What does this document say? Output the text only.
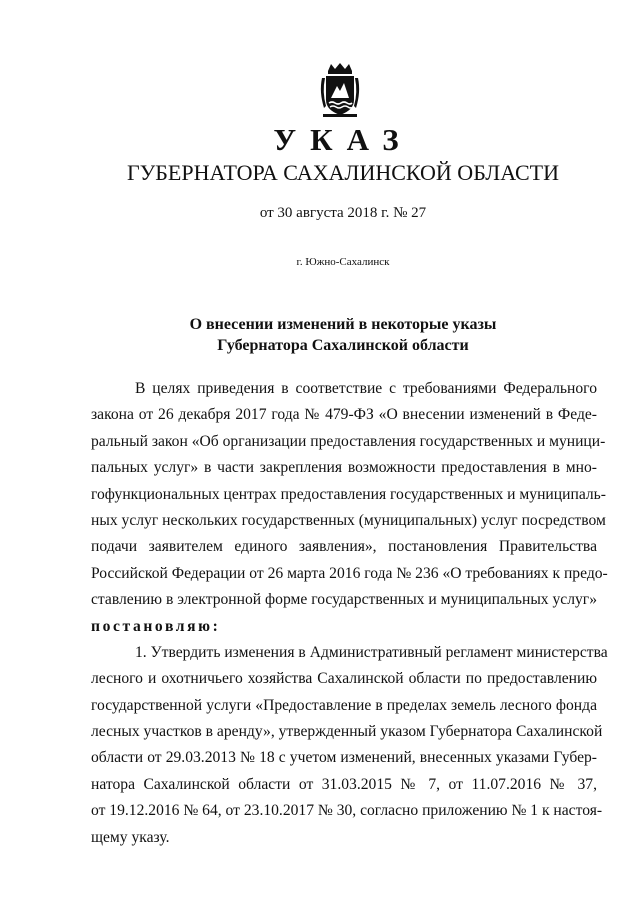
УКАЗ
ГУБЕРНАТОРА САХАЛИНСКОЙ ОБЛАСТИ
от 30 августа 2018 г. № 27
г. Южно-Сахалинск
О внесении изменений в некоторые указы
Губернатора Сахалинской области
В целях приведения в соответствие с требованиями Федерального
закона от 26 декабря 2017 года № 479-ФЗ «О внесении изменений в Феде-
ральный закон «Об организации предоставления государственных и муници-
пальных услуг» в части закрепления возможности предоставления в мно-
гофункциональных центрах предоставления государственных и муниципаль-
ных услуг нескольких государственных (муниципальных) услуг посредством
подачи заявителем единого заявления», постановления Правительства
Российской Федерации от 26 марта 2016 года № 236 «О требованиях к предо-
ставлению в электронной форме государственных и муниципальных услуг»
постановляю:
1. Утвердить изменения в Административный регламент министерства
лесного и охотничьего хозяйства Сахалинской области по предоставлению
государственной услуги «Предоставление в пределах земель лесного фонда
лесных участков в аренду», утвержденный указом Губернатора Сахалинской
области от 29.03.2013 № 18 с учетом изменений, внесенных указами Губер-
натора Сахалинской области от 31.03.2015 № 7, от 11.07.2016 № 37,
от 19.12.2016 № 64, от 23.10.2017 № 30, согласно приложению № 1 к настоя-
щему указу.
